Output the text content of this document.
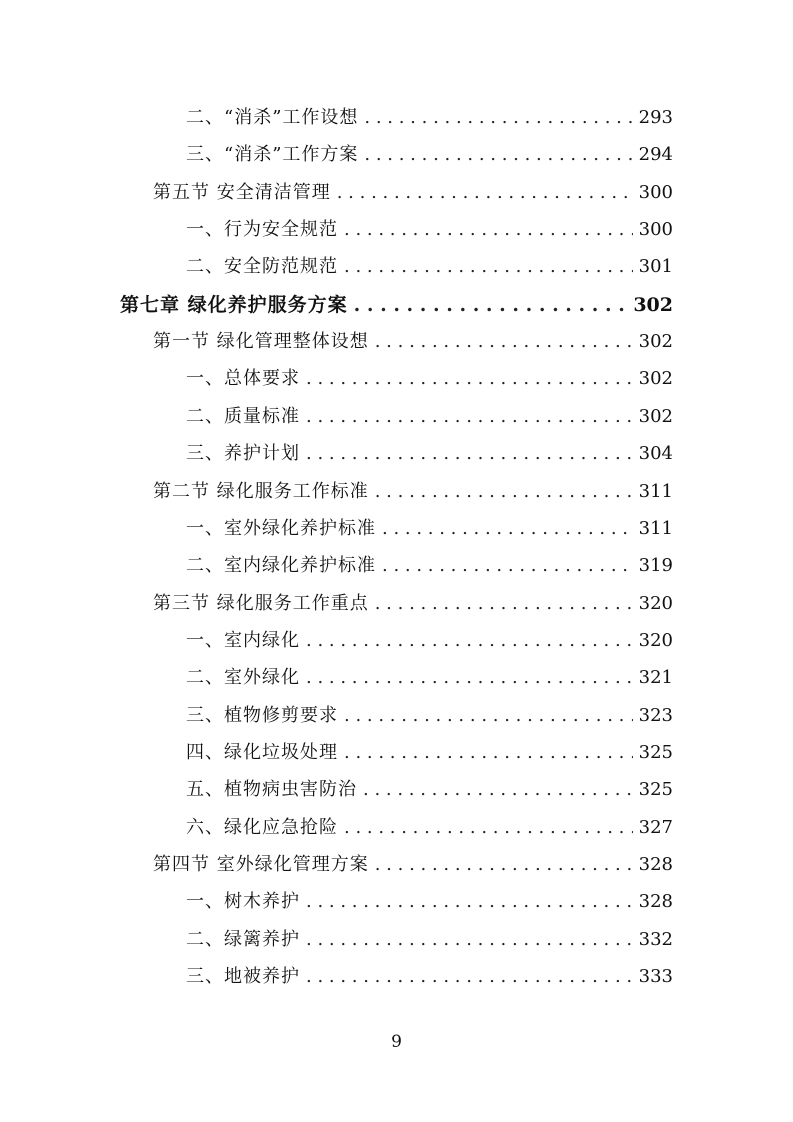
二、“消杀”工作设想 . . .	293
三、“消杀”工作方案 . . .	294
第五节 安全清洁管理 . . .	300
一、行为安全规范 . . .	300
二、安全防范规范 . . .	301
第七章 绿化养护服务方案 . . .	302
第一节 绿化管理整体设想 . . .	302
一、总体要求 . . .	302
二、质量标准 . . .	302
三、养护计划 . . .	304
第二节 绿化服务工作标准 . . .	311
一、室外绿化养护标准 . . .	311
二、室内绿化养护标准 . . .	319
第三节 绿化服务工作重点 . . .	320
一、室内绿化 . . .	320
二、室外绿化 . . .	321
三、植物修剪要求 . . .	323
四、绿化垃圾处理 . . .	325
五、植物病虫害防治 . . .	325
六、绿化应急抢险 . . .	327
第四节 室外绿化管理方案 . . .	328
一、树木养护 . . .	328
二、绿篱养护 . . .	332
三、地被养护 . . .	333
9
